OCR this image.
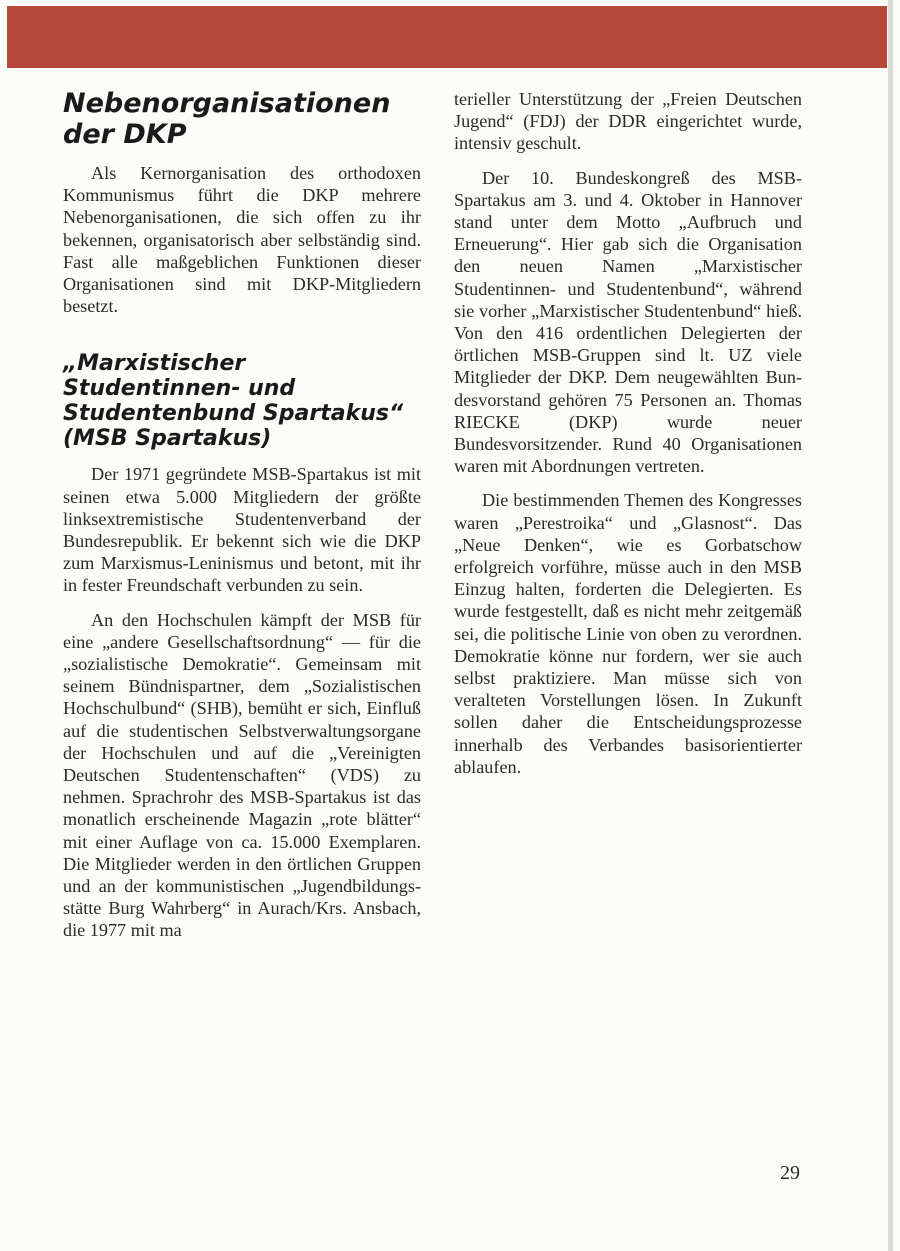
Nebenorganisationen der DKP

Als Kernorganisation des orthodoxen Kommunismus führt die DKP mehrere Nebenorganisationen, die sich offen zu ihr bekennen, organisatorisch aber selbständig sind. Fast alle maßgeblichen Funktionen dieser Organisationen sind mit DKP-Mitgliedern besetzt.

„Marxistischer Studentinnen- und Studentenbund Spartakus“ (MSB Spartakus)

Der 1971 gegründete MSB-Spartakus ist mit seinen etwa 5.000 Mitgliedern der größte linksextremistische Studentenverband der Bundesrepublik. Er bekennt sich wie die DKP zum Marxismus-Leninismus und betont, mit ihr in fester Freundschaft verbunden zu sein.

An den Hochschulen kämpft der MSB für eine „andere Gesellschaftsordnung“ — für die „sozialistische Demokratie“. Gemeinsam mit seinem Bündnispartner, dem „Sozialistischen Hochschulbund“ (SHB), bemüht er sich, Einfluß auf die studentischen Selbstverwaltungsorgane der Hochschulen und auf die „Vereinigten Deutschen Studentenschaften“ (VDS) zu nehmen. Sprachrohr des MSB-Spartakus ist das monatlich erscheinende Magazin „rote blätter“ mit einer Auflage von ca. 15.000 Exemplaren. Die Mitglieder werden in den örtlichen Gruppen und an der kommunistischen „Jugendbildungsstätte Burg Wahrberg“ in Aurach/Krs. Ansbach, die 1977 mit ma

terieller Unterstützung der „Freien Deutschen Jugend“ (FDJ) der DDR eingerichtet wurde, intensiv geschult.

Der 10. Bundeskongreß des MSB-Spartakus am 3. und 4. Oktober in Hannover stand unter dem Motto „Aufbruch und Erneuerung“. Hier gab sich die Organisation den neuen Namen „Marxistischer Studentinnen- und Studentenbund“, während sie vorher „Marxistischer Studentenbund“ hieß. Von den 416 ordentlichen Delegierten der örtlichen MSB-Gruppen sind lt. UZ viele Mitglieder der DKP. Dem neugewählten Bundesvorstand gehören 75 Personen an. Thomas RIECKE (DKP) wurde neuer Bundesvorsitzender. Rund 40 Organisationen waren mit Abordnungen vertreten.

Die bestimmenden Themen des Kongresses waren „Perestroika“ und „Glasnost“. Das „Neue Denken“, wie es Gorbatschow erfolgreich vorführe, müsse auch in den MSB Einzug halten, forderten die Delegierten. Es wurde festgestellt, daß es nicht mehr zeitgemäß sei, die politische Linie von oben zu verordnen. Demokratie könne nur fordern, wer sie auch selbst praktiziere. Man müsse sich von veralteten Vorstellungen lösen. In Zukunft sollen daher die Entscheidungsprozesse innerhalb des Verbandes basisorientierter ablaufen.

29
